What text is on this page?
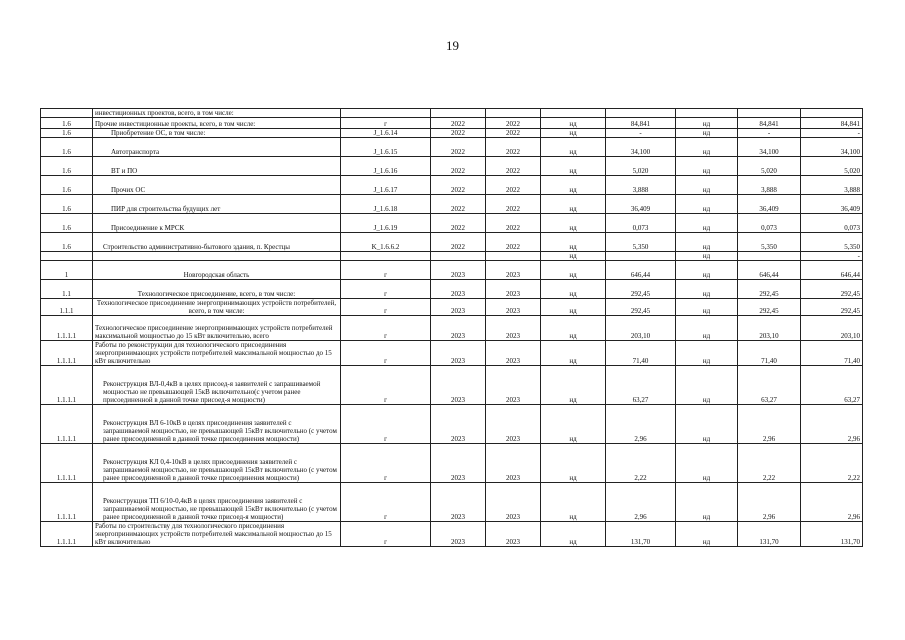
19
	инвестиционных проектов, всего, в том числе:								
1.6	Прочие инвестиционные проекты, всего, в том числе:	г	2022	2022	нд	84,841	нд	84,841	84,841
1.6	Приобретение ОС, в том числе:	J_1.6.14	2022	2022	нд	-	нд	-	-
1.6	Автотранспорта	J_1.6.15	2022	2022	нд	34,100	нд	34,100	34,100
1.6	ВТ и ПО	J_1.6.16	2022	2022	нд	5,020	нд	5,020	5,020
1.6	Прочих ОС	J_1.6.17	2022	2022	нд	3,888	нд	3,888	3,888
1.6	ПИР для строительства будущих лет	J_1.6.18	2022	2022	нд	36,409	нд	36,409	36,409
1.6	Присоединение к МРСК	J_1.6.19	2022	2022	нд	0,073	нд	0,073	0,073
1.6	Строительство административно-бытового здания, п. Крестцы	K_1.6.6.2	2022	2022	нд	5,350	нд	5,350	5,350
					нд		нд		-
1	Новгородская область	г	2023	2023	нд	646,44	нд	646,44	646,44
1.1	Технологическое присоединение, всего, в том числе:	г	2023	2023	нд	292,45	нд	292,45	292,45
1.1.1	Технологическое присоединение энергопринимающих устройств потребителей, всего, в том числе:	г	2023	2023	нд	292,45	нд	292,45	292,45
1.1.1.1	Технологическое присоединение энергопринимающих устройств потребителей максимальной мощностью до 15 кВт включительно, всего	г	2023	2023	нд	203,10	нд	203,10	203,10
1.1.1.1	Работы по реконструкции для технологического присоединения энергопринимающих устройств потребителей максимальной мощностью до 15 кВт включительно	г	2023	2023	нд	71,40	нд	71,40	71,40
1.1.1.1	Реконструкция ВЛ-0,4кВ в целях присоед-я заявителей с запрашиваемой мощностью не превышающей 15кВ включительно(с учетом ранее присоединенной в данной точке присоед-я мощности)	г	2023	2023	нд	63,27	нд	63,27	63,27
1.1.1.1	Реконструкция ВЛ 6-10кВ в целях присоединения заявителей с запрашиваемой мощностью, не превышающей 15кВт включительно (с учетом ранее присоединенной в данной точке присоединения мощности)	г	2023	2023	нд	2,96	нд	2,96	2,96
1.1.1.1	Реконструкция КЛ 0,4-10кВ в целях присоединения заявителей с запрашиваемой мощностью, не превышающей 15кВт включительно (с учетом ранее присоединенной в данной точке присоединения мощности)	г	2023	2023	нд	2,22	нд	2,22	2,22
1.1.1.1	Реконструкция ТП 6/10-0,4кВ в целях присоединения заявителей с запрашиваемой мощностью, не превышающей 15кВт включительно (с учетом ранее присоединенной в данной точке присоед-я мощности)	г	2023	2023	нд	2,96	нд	2,96	2,96
1.1.1.1	Работы по строительству для технологического присоединения энергопринимающих устройств потребителей максимальной мощностью до 15 кВт включительно	г	2023	2023	нд	131,70	нд	131,70	131,70
